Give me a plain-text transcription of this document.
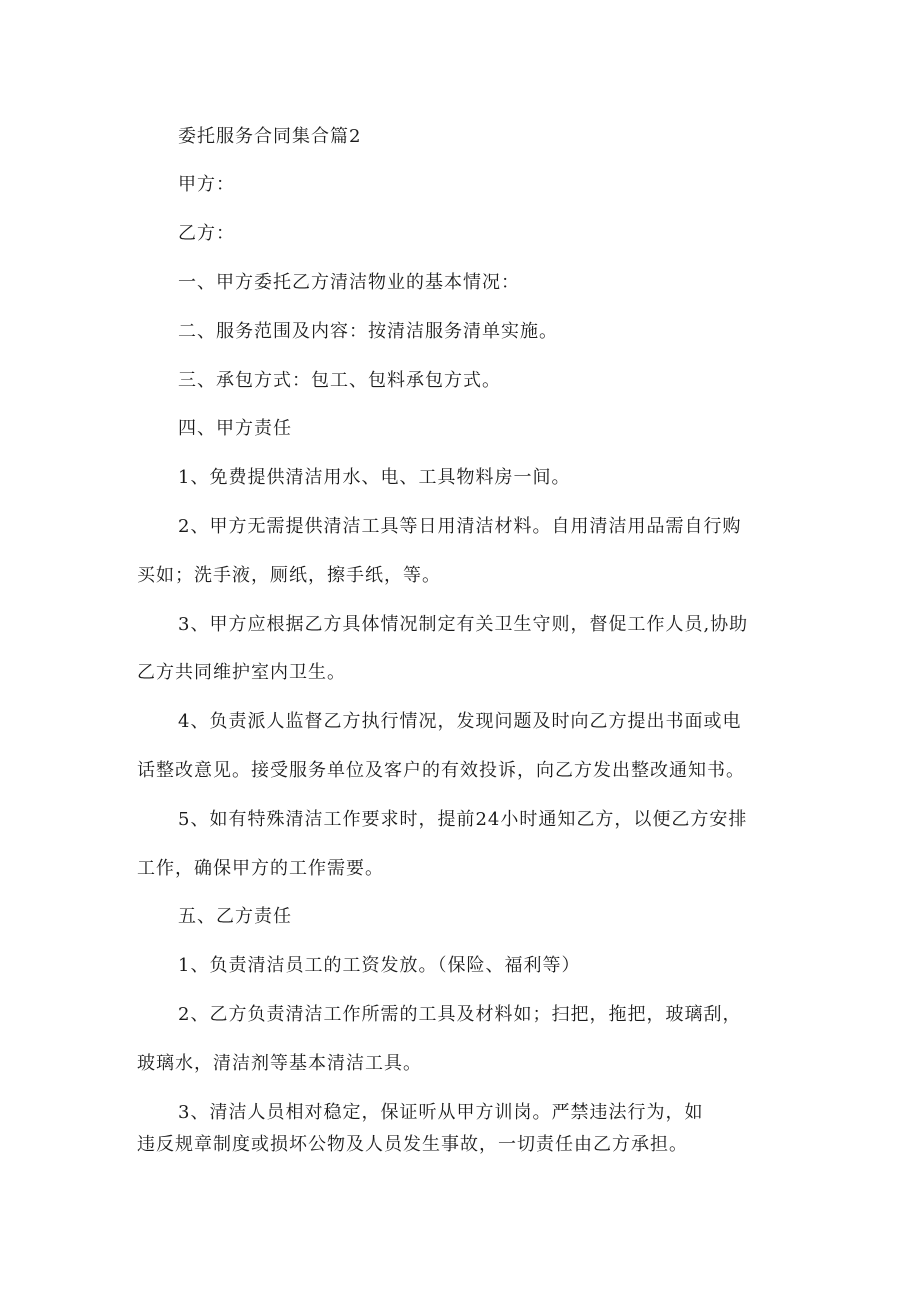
委托服务合同集合篇2
甲方：
乙方：
一、甲方委托乙方清洁物业的基本情况：
二、服务范围及内容：按清洁服务清单实施。
三、承包方式：包工、包料承包方式。
四、甲方责任
1、免费提供清洁用水、电、工具物料房一间。
2、甲方无需提供清洁工具等日用清洁材料。自用清洁用品需自行购
买如；洗手液，厕纸，擦手纸，等。
3、甲方应根据乙方具体情况制定有关卫生守则，督促工作人员,协助
乙方共同维护室内卫生。
4、负责派人监督乙方执行情况，发现问题及时向乙方提出书面或电
话整改意见。接受服务单位及客户的有效投诉，向乙方发出整改通知书。
5、如有特殊清洁工作要求时，提前24小时通知乙方，以便乙方安排
工作，确保甲方的工作需要。
五、乙方责任
1、负责清洁员工的工资发放。（保险、福利等）
2、乙方负责清洁工作所需的工具及材料如；扫把，拖把，玻璃刮，
玻璃水，清洁剂等基本清洁工具。
3、清洁人员相对稳定，保证听从甲方训岗。严禁违法行为，如
违反规章制度或损坏公物及人员发生事故，一切责任由乙方承担。
